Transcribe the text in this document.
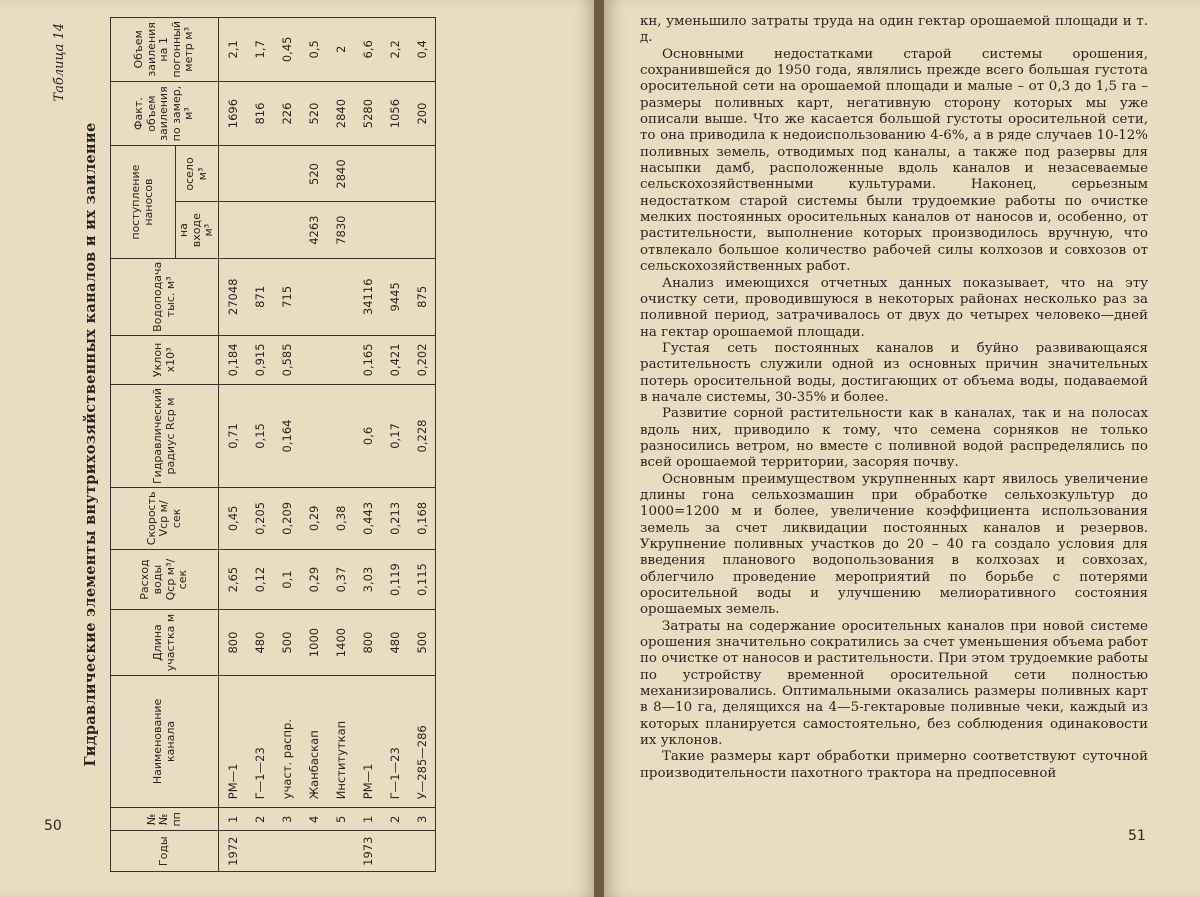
Таблица 14
Гидравлические элементы внутрихозяйственных каналов и их заиление
Годы	№№ пп	Наименование канала	Длина участка м	Расход воды Qср м³/сек	Скорость Vср м/сек	Гидравлический радиус Rср м	Уклон х10³	Водоподача тыс. м³	поступление наносов		Факт. объем заиления по замер, м³	Объем заиления на 1 погонный метр м³
									на входе м³	осело м³		
1972	1	РМ—1	800	2,65	0,45	0,71	0,184	27048			1696	2,1
	2	Г—1—23	480	0,12	0,205	0,15	0,915	871			816	1,7
	3	участ. распр.	500	0,1	0,209	0,164	0,585	715			226	0,45
	4	Жанбаскап	1000	0,29	0,29				4263	520	520	0,5
	5	Институткап	1400	0,37	0,38				7830	2840	2840	2
1973	1	РМ—1	800	3,03	0,443	0,6	0,165	34116			5280	6,6
	2	Г—1—23	480	0,119	0,213	0,17	0,421	9445			1056	2,2
	3	У—285—286	500	0,115	0,168	0,228	0,202	875			200	0,4
50

кн, уменьшило затраты труда на один гектар орошаемой площади и т. д.

Основными недостатками старой системы орошения, сохранившейся до 1950 года, являлись прежде всего большая густота оросительной сети на орошаемой площади и малые – от 0,3 до 1,5 га – размеры поливных карт, негативную сторону которых мы уже описали выше. Что же касается большой густоты оросительной сети, то она приводила к недоиспользованию 4-6%, а в ряде случаев 10-12% поливных земель, отводимых под каналы, а также под разервы для насыпки дамб, расположенные вдоль каналов и незасеваемые сельскохозяйственными культурами. Наконец, серьезным недостатком старой системы были трудоемкие работы по очистке мелких постоянных оросительных каналов от наносов и, особенно, от растительности, выполнение которых производилось вручную, что отвлекало большое количество рабочей силы колхозов и совхозов от сельскохозяйственных работ.

Анализ имеющихся отчетных данных показывает, что на эту очистку сети, проводившуюся в некоторых районах несколько раз за поливной период, затрачивалось от двух до четырех человеко—дней на гектар орошаемой площади.

Густая сеть постоянных каналов и буйно развивающаяся растительность служили одной из основных причин значительных потерь оросительной воды, достигающих от объема воды, подаваемой в начале системы, 30-35% и более.

Развитие сорной растительности как в каналах, так и на полосах вдоль них, приводило к тому, что семена сорняков не только разносились ветром, но вместе с поливной водой распределялись по всей орошаемой территории, засоряя почву.

Основным преимуществом укрупненных карт явилось увеличение длины гона сельхозмашин при обработке сельхозкультур до 1000=1200 м и более, увеличение коэффициента использования земель за счет ликвидации постоянных каналов и резервов. Укрупнение поливных участков до 20 – 40 га создало условия для введения планового водопользования в колхозах и совхозах, облегчило проведение мероприятий по борьбе с потерями оросительной воды и улучшению мелиоративного состояния орошаемых земель.

Затраты на содержание оросительных каналов при новой системе орошения значительно сократились за счет уменьшения объема работ по очистке от наносов и растительности. При этом трудоемкие работы по устройству временной оросительной сети полностью механизировались. Оптимальными оказались размеры поливных карт в 8—10 га, делящихся на 4—5-гектаровые поливные чеки, каждый из которых планируется самостоятельно, без соблюдения одинаковости их уклонов.

Такие размеры карт обработки примерно соответствуют суточной производительности пахотного трактора на предпосевной

51
